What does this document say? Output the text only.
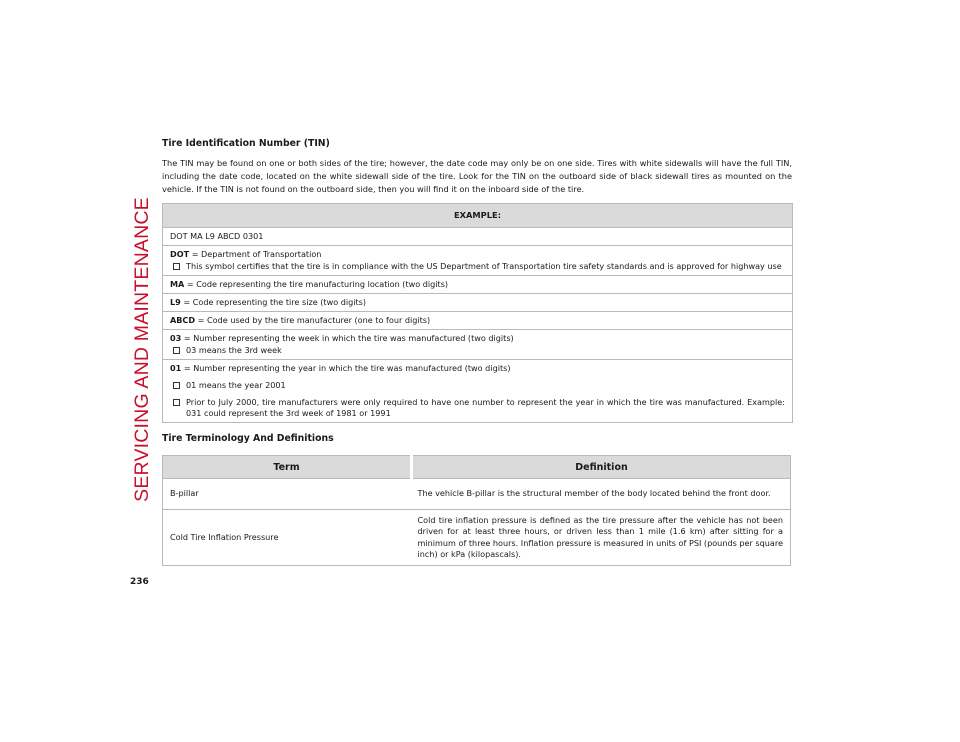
SERVICING AND MAINTENANCE
236
Tire Identification Number (TIN)

The TIN may be found on one or both sides of the tire; however, the date code may only be on one side. Tires with white sidewalls will have the full TIN, including the date code, located on the white sidewall side of the tire. Look for the TIN on the outboard side of black sidewall tires as mounted on the vehicle. If the TIN is not found on the outboard side, then you will find it on the inboard side of the tire.

EXAMPLE:
DOT MA L9 ABCD 0301
DOT = Department of Transportation
This symbol certifies that the tire is in compliance with the US Department of Transportation tire safety standards and is approved for highway use
MA = Code representing the tire manufacturing location (two digits)
L9 = Code representing the tire size (two digits)
ABCD = Code used by the tire manufacturer (one to four digits)
03 = Number representing the week in which the tire was manufactured (two digits)
03 means the 3rd week
01 = Number representing the year in which the tire was manufactured (two digits)
01 means the year 2001
Prior to July 2000, tire manufacturers were only required to have one number to represent the year in which the tire was manufactured. Example: 031 could represent the 3rd week of 1981 or 1991
Tire Terminology And Definitions
Term	Definition
B-pillar	The vehicle B-pillar is the structural member of the body located behind the front door.
Cold Tire Inflation Pressure	Cold tire inflation pressure is defined as the tire pressure after the vehicle has not been driven for at least three hours, or driven less than 1 mile (1.6 km) after sitting for a minimum of three hours. Inflation pressure is measured in units of PSI (pounds per square inch) or kPa (kilopascals).
